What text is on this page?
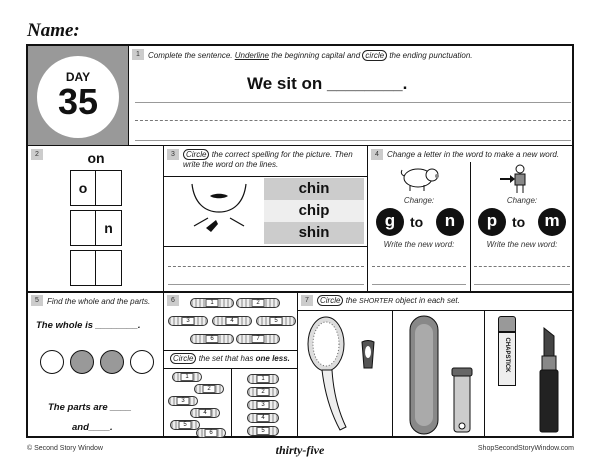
Name:
DAY
35
1	Complete the sentence. Underline the beginning capital and circle the ending punctuation.
We sit on ________.
2	on
o
n
3	Circle the correct spelling for the picture. Then write the word on the lines.
chin
chip
shin
4	Change a letter in the word to make a new word.
Change:	Change:
g	to	n	p	to	m
Write the new word:	Write the new word:
5	Find the whole and the parts.
The whole is ________.
The parts are ____
and____.
6	1	2
3	4	5
6	7
Circle the set that has one less.
1
2
3
4
5
6
1
2
3
4
5
7	Circle the SHORTER object in each set.
CHAPSTICK
© Second Story Window	thirty-five	ShopSecondStoryWindow.com
